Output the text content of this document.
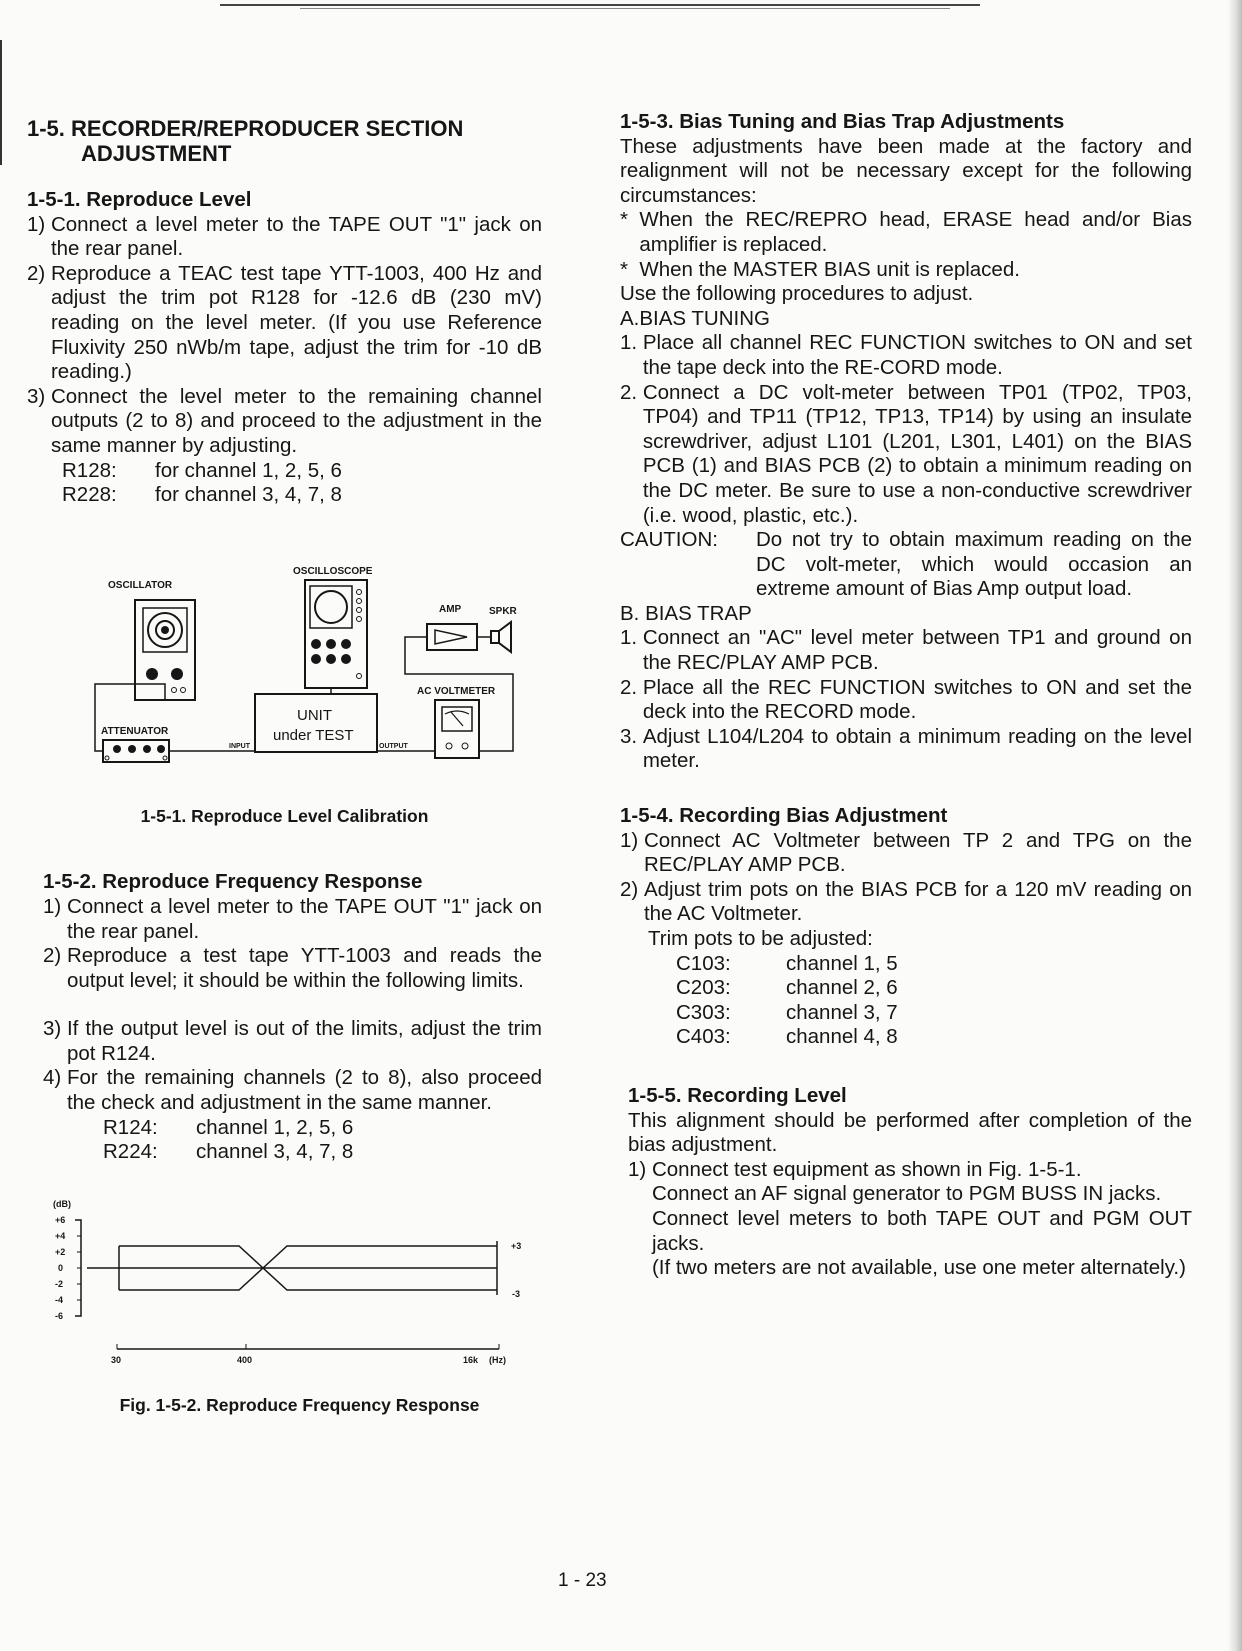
1-5. RECORDER/REPRODUCER SECTION
ADJUSTMENT
1-5-1. Reproduce Level
1)
Connect a level meter to the TAPE OUT "1" jack on the rear panel.
2)
Reproduce a TEAC test tape YTT-1003, 400 Hz and adjust the trim pot R128 for -12.6 dB (230 mV) reading on the level meter. (If you use Reference Fluxivity 250 nWb/m tape, adjust the trim for -10 dB reading.)
3)
Connect the level meter to the remaining channel outputs (2 to 8) and proceed to the adjustment in the same manner by adjusting.
R128:	for channel 1, 2, 5, 6
R228:	for channel 3, 4, 7, 8
OSCILLATOR
OSCILLOSCOPE
AMP	SPKR
AC VOLTMETER
ATTENUATOR
UNIT
under TEST
INPUT	OUTPUT
1-5-1. Reproduce Level Calibration
1-5-2. Reproduce Frequency Response
1)
Connect a level meter to the TAPE OUT "1" jack on the rear panel.
2)
Reproduce a test tape YTT-1003 and reads the output level; it should be within the following limits.
3)
If the output level is out of the limits, adjust the trim pot R124.
4)
For the remaining channels (2 to 8), also proceed the check and adjustment in the same manner.
R124:	channel 1, 2, 5, 6
R224:	channel 3, 4, 7, 8
(dB)
+6
+4
+2
0
-2
-4
-6
+3
-3
30	400	16k (Hz)
Fig. 1-5-2. Reproduce Frequency Response
1-5-3. Bias Tuning and Bias Trap Adjustments

These adjustments have been made at the factory and realignment will not be necessary except for the following circumstances:

* When the REC/REPRO head, ERASE head and/or Bias amplifier is replaced.
* When the MASTER BIAS unit is replaced.
Use the following procedures to adjust.
A.BIAS TUNING
1.
Place all channel REC FUNCTION switches to ON and set the tape deck into the RE-CORD mode.
2.
Connect a DC volt-meter between TP01 (TP02, TP03, TP04) and TP11 (TP12, TP13, TP14) by using an insulate screwdriver, adjust L101 (L201, L301, L401) on the BIAS PCB (1) and BIAS PCB (2) to obtain a minimum reading on the DC meter. Be sure to use a non-conductive screwdriver (i.e. wood, plastic, etc.).
CAUTION:	Do not try to obtain maximum reading on the DC volt-meter, which would occasion an extreme amount of Bias Amp output load.
B. BIAS TRAP
1.
Connect an "AC" level meter between TP1 and ground on the REC/PLAY AMP PCB.
2.
Place all the REC FUNCTION switches to ON and set the deck into the RECORD mode.
3.
Adjust L104/L204 to obtain a minimum reading on the level meter.
1-5-4. Recording Bias Adjustment
1)
Connect AC Voltmeter between TP 2 and TPG on the REC/PLAY AMP PCB.
2)
Adjust trim pots on the BIAS PCB for a 120 mV reading on the AC Voltmeter.
Trim pots to be adjusted:
C103:	channel 1, 5
C203:	channel 2, 6
C303:	channel 3, 7
C403:	channel 4, 8
1-5-5. Recording Level

This alignment should be performed after completion of the bias adjustment.

1)
Connect test equipment as shown in Fig. 1-5-1.
Connect an AF signal generator to PGM BUSS IN jacks.
Connect level meters to both TAPE OUT and PGM OUT jacks.
(If two meters are not available, use one meter alternately.)
1 - 23
